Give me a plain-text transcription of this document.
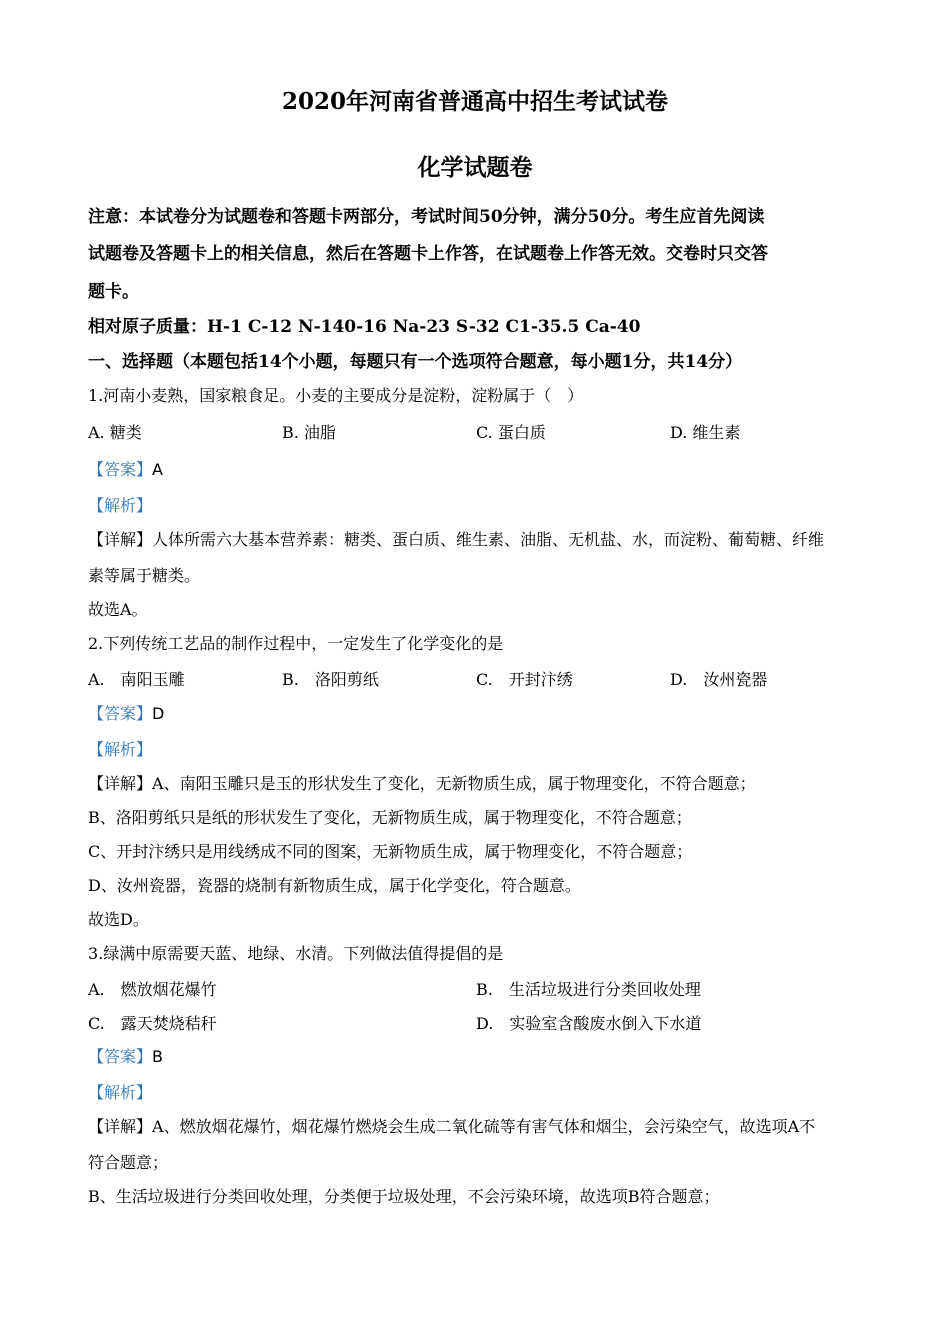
2020年河南省普通高中招生考试试卷
化学试题卷
注意：本试卷分为试题卷和答题卡两部分，考试时间50分钟，满分50分。考生应首先阅读
试题卷及答题卡上的相关信息，然后在答题卡上作答，在试题卷上作答无效。交卷时只交答
题卡。
相对原子质量：H-1 C-12 N-140-16 Na-23 S-32 C1-35.5 Ca-40
一、选择题（本题包括14个小题，每题只有一个选项符合题意，每小题1分，共14分）
1.河南小麦熟，国家粮食足。小麦的主要成分是淀粉，淀粉属于（　）
A. 糖类	B. 油脂	C. 蛋白质	D. 维生素
【答案】A
【解析】
【详解】人体所需六大基本营养素：糖类、蛋白质、维生素、油脂、无机盐、水，而淀粉、葡萄糖、纤维
素等属于糖类。
故选A。
2.下列传统工艺品的制作过程中，一定发生了化学变化的是
A.　南阳玉雕	B.　洛阳剪纸	C.　开封汴绣	D.　汝州瓷器
【答案】D
【解析】
【详解】A、南阳玉雕只是玉的形状发生了变化，无新物质生成，属于物理变化，不符合题意；
B、洛阳剪纸只是纸的形状发生了变化，无新物质生成，属于物理变化，不符合题意；
C、开封汴绣只是用线绣成不同的图案，无新物质生成，属于物理变化，不符合题意；
D、汝州瓷器，瓷器的烧制有新物质生成，属于化学变化，符合题意。
故选D。
3.绿满中原需要天蓝、地绿、水清。下列做法值得提倡的是
A.　燃放烟花爆竹	B.　生活垃圾进行分类回收处理
C.　露天焚烧秸秆	D.　实验室含酸废水倒入下水道
【答案】B
【解析】
【详解】A、燃放烟花爆竹，烟花爆竹燃烧会生成二氧化硫等有害气体和烟尘，会污染空气，故选项A不
符合题意；
B、生活垃圾进行分类回收处理，分类便于垃圾处理，不会污染环境，故选项B符合题意；
